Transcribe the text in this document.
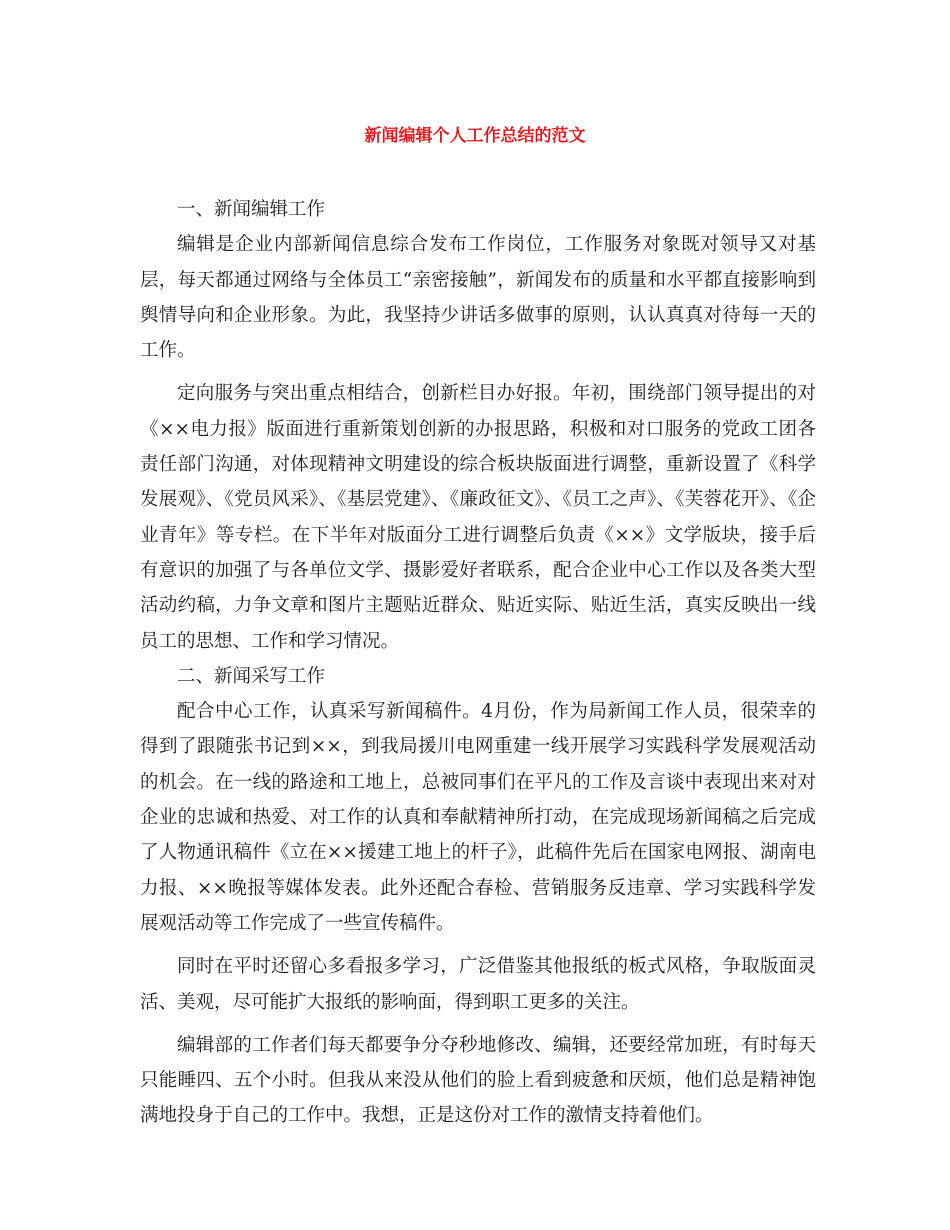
新闻编辑个人工作总结的范文

一、新闻编辑工作

编辑是企业内部新闻信息综合发布工作岗位，工作服务对象既对领导又对基层，每天都通过网络与全体员工“亲密接触”，新闻发布的质量和水平都直接影响到舆情导向和企业形象。为此，我坚持少讲话多做事的原则，认认真真对待每一天的工作。

定向服务与突出重点相结合，创新栏目办好报。年初，围绕部门领导提出的对《××电力报》版面进行重新策划创新的办报思路，积极和对口服务的党政工团各责任部门沟通，对体现精神文明建设的综合板块版面进行调整，重新设置了《科学发展观》、《党员风采》、《基层党建》、《廉政征文》、《员工之声》、《芙蓉花开》、《企业青年》等专栏。在下半年对版面分工进行调整后负责《××》文学版块，接手后有意识的加强了与各单位文学、摄影爱好者联系，配合企业中心工作以及各类大型活动约稿，力争文章和图片主题贴近群众、贴近实际、贴近生活，真实反映出一线员工的思想、工作和学习情况。

二、新闻采写工作

配合中心工作，认真采写新闻稿件。4月份，作为局新闻工作人员，很荣幸的得到了跟随张书记到××，到我局援川电网重建一线开展学习实践科学发展观活动的机会。在一线的路途和工地上，总被同事们在平凡的工作及言谈中表现出来对对企业的忠诚和热爱、对工作的认真和奉献精神所打动，在完成现场新闻稿之后完成了人物通讯稿件《立在××援建工地上的杆子》，此稿件先后在国家电网报、湖南电力报、××晚报等媒体发表。此外还配合春检、营销服务反违章、学习实践科学发展观活动等工作完成了一些宣传稿件。

同时在平时还留心多看报多学习，广泛借鉴其他报纸的板式风格，争取版面灵活、美观，尽可能扩大报纸的影响面，得到职工更多的关注。

编辑部的工作者们每天都要争分夺秒地修改、编辑，还要经常加班，有时每天只能睡四、五个小时。但我从来没从他们的脸上看到疲惫和厌烦，他们总是精神饱满地投身于自己的工作中。我想，正是这份对工作的激情支持着他们。
